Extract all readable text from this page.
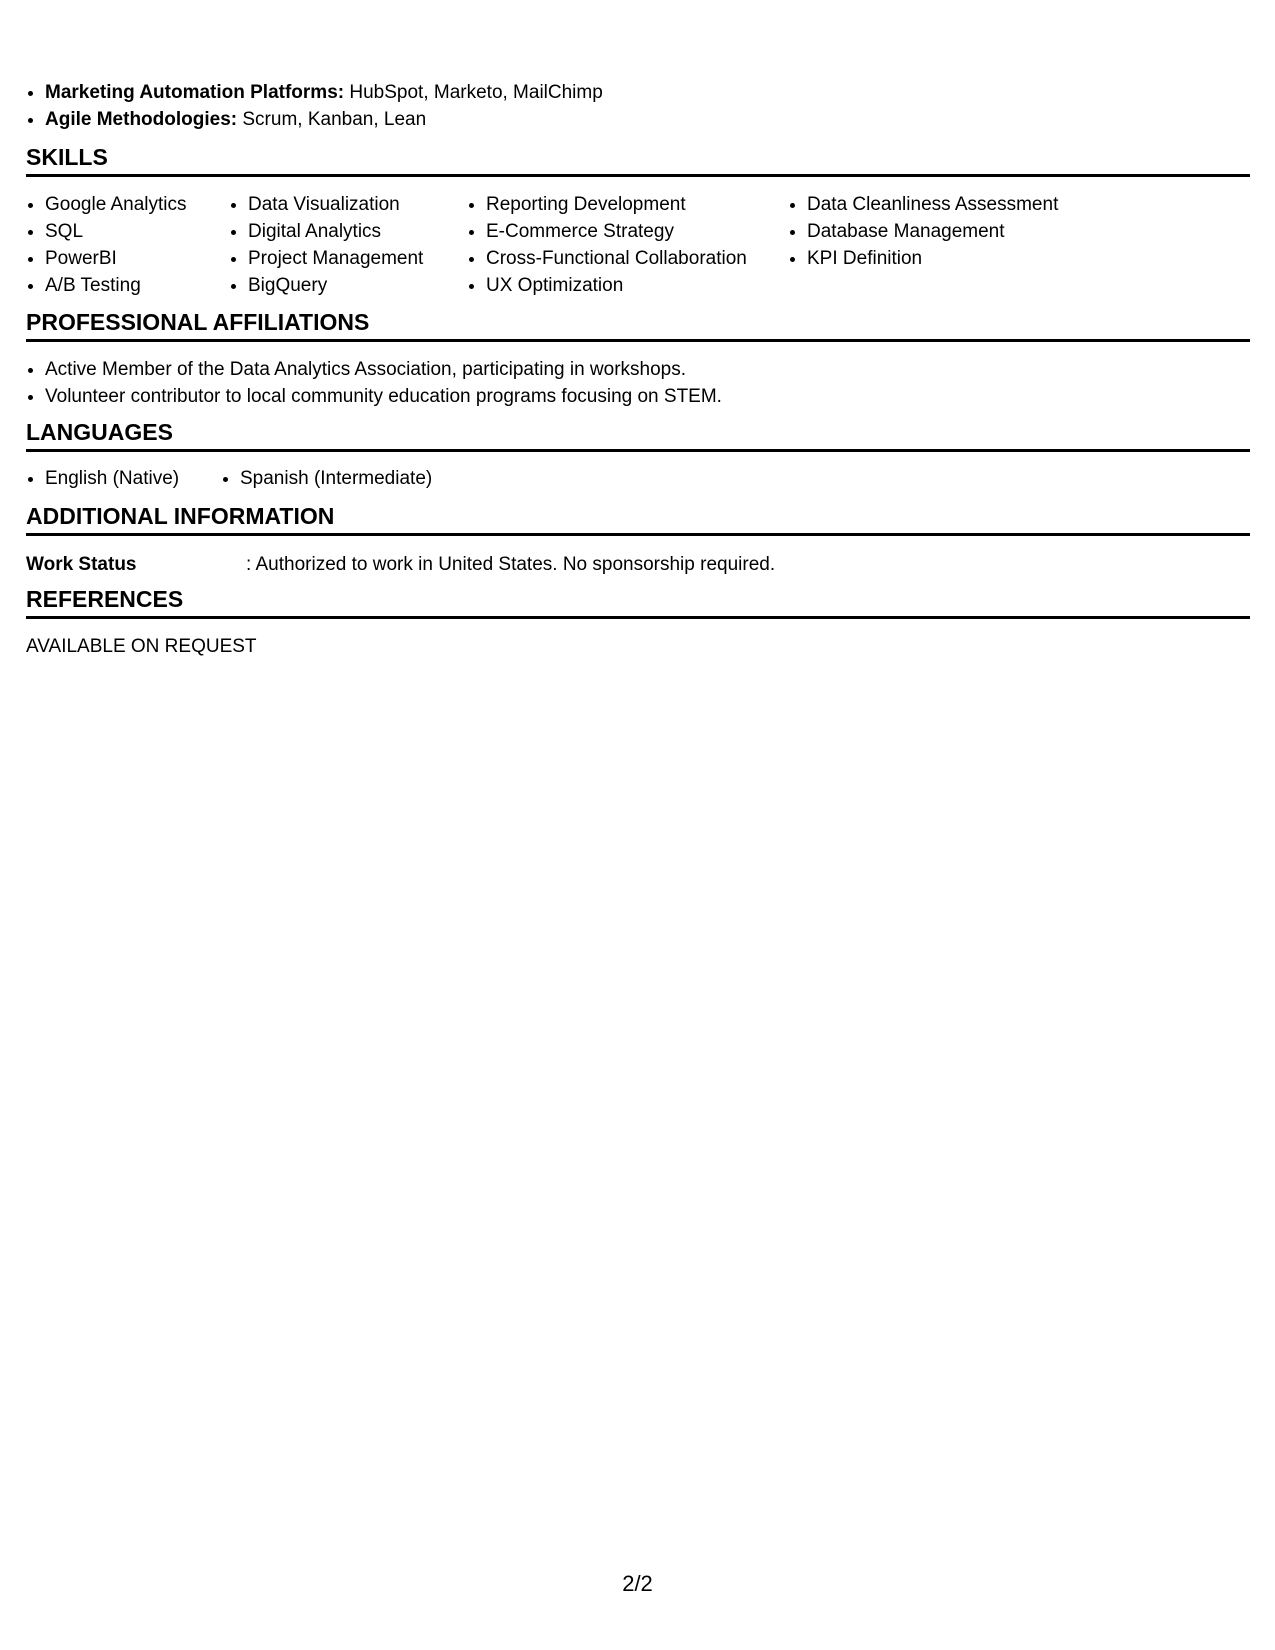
• Marketing Automation Platforms: HubSpot, Marketo, MailChimp
• Agile Methodologies: Scrum, Kanban, Lean
SKILLS
• Google Analytics
• SQL
• PowerBI
• A/B Testing
• Data Visualization
• Digital Analytics
• Project Management
• BigQuery
• Reporting Development
• E-Commerce Strategy
• Cross-Functional Collaboration
• UX Optimization
• Data Cleanliness Assessment
• Database Management
• KPI Definition
PROFESSIONAL AFFILIATIONS
• Active Member of the Data Analytics Association, participating in workshops.
• Volunteer contributor to local community education programs focusing on STEM.
LANGUAGES
• English (Native)
•	Spanish (Intermediate)
ADDITIONAL INFORMATION
Work Status	: Authorized to work in United States. No sponsorship required.
REFERENCES
AVAILABLE ON REQUEST
2/2
